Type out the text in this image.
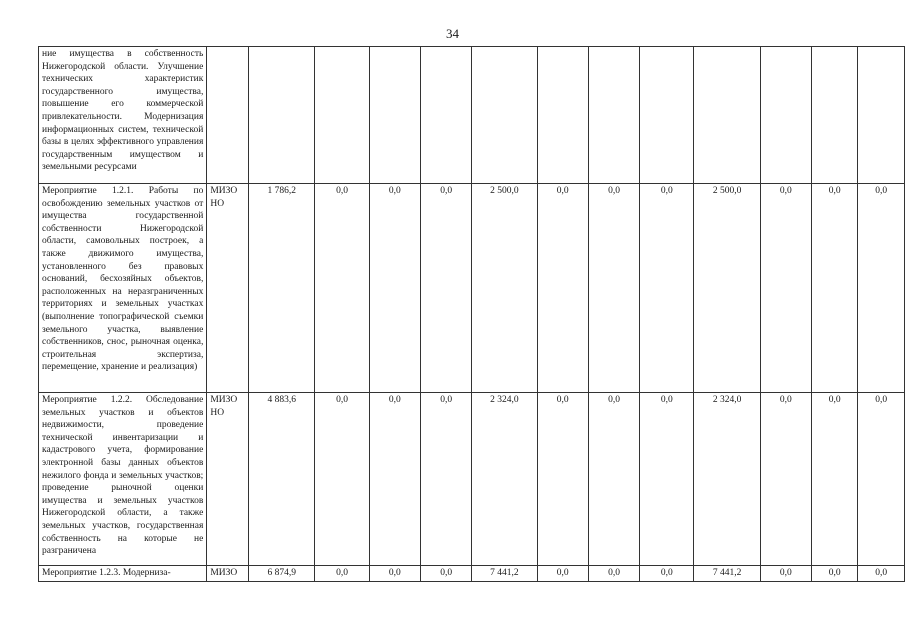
34
ние имущества в собственность Нижегородской области. Улучшение технических характеристик государственного имущества, повышение его коммерческой привлекательности. Модернизация информационных систем, технической базы в целях эффективного управления государственным имуществом и земельными ресурсами													
Мероприятие 1.2.1. Работы по освобождению земельных участков от имущества государственной собственности Нижегородской области, самовольных построек, а также движимого имущества, установленного без правовых оснований, бесхозяйных объектов, расположенных на неразграниченных территориях и земельных участках (выполнение топографической съемки земельного участка, выявление собственников, снос, рыночная оценка, строительная экспертиза, перемещение, хранение и реализация)	МИЗО НО	1 786,2	0,0	0,0	0,0	2 500,0	0,0	0,0	0,0	2 500,0	0,0	0,0	0,0
Мероприятие 1.2.2. Обследование земельных участков и объектов недвижимости, проведение технической инвентаризации и кадастрового учета, формирование электронной базы данных объектов нежилого фонда и земельных участков; проведение рыночной оценки имущества и земельных участков Нижегородской области, а также земельных участков, государственная собственность на которые не разграничена	МИЗО НО	4 883,6	0,0	0,0	0,0	2 324,0	0,0	0,0	0,0	2 324,0	0,0	0,0	0,0
Мероприятие 1.2.3. Модерниза-	МИЗО	6 874,9	0,0	0,0	0,0	7 441,2	0,0	0,0	0,0	7 441,2	0,0	0,0	0,0
